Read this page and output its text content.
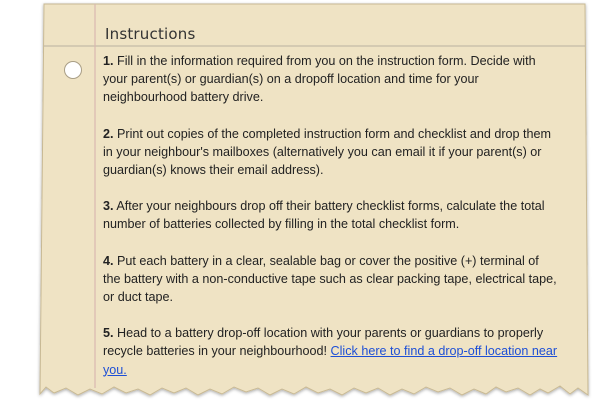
Instructions

1. Fill in the information required from you on the instruction form. Decide with your parent(s) or guardian(s) on a dropoff location and time for your neighbourhood battery drive.

2. Print out copies of the completed instruction form and checklist and drop them in your neighbour's mailboxes (alternatively you can email it if your parent(s) or guardian(s) knows their email address).

3. After your neighbours drop off their battery checklist forms, calculate the total number of batteries collected by filling in the total checklist form.

4. Put each battery in a clear, sealable bag or cover the positive (+) terminal of the battery with a non-conductive tape such as clear packing tape, electrical tape, or duct tape.

5. Head to a battery drop-off location with your parents or guardians to properly recycle batteries in your neighbourhood! Click here to find a drop-off location near you.
